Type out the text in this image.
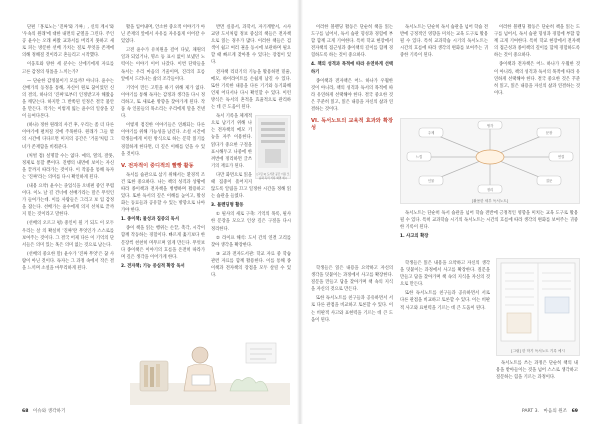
단편「홍로노는 '진짜'와 가짜」, 신의 계시'와 '우속의 원래'에 대한 내면의 균열을 그린다. 주인공 윤수는 오래 써왔 교과서를 버리지 못하고 새로 펴는 방문한 선배 가치는 절로 무엇을 존재에 의해 정해질 것이라고 흔들리고 시작했다.

이웅호와 양한 세 분수는 산에기에게 자료를 고른 감정의 뒤틀을 느끼는가?

— 단순한 감정불이기 모를까? 아니다. 윤수는 산배가의 동정을 통해, 자신이 원로 꿈이었던 신의 결의, 하나의 '진짜'로부터 인정받고자 해왔음을 깨닫는다. 하지만 그 반쪽된 인정은 결국 불안을 만든다. 작가는 이렇게 잃는 윤수의 일상을 깊이 들여다본다.

(하나) 정한 원래의 사건 후, 우리는 좀 더 다른 이야기에 펼쳐질 것에 주목한다. 원래가 그들 밖의 시간에 다다르면 미지의 공간은 '거울'처럼 그녀가 존재함을 비춰준다.

(처벌 점) 설명할 수는 없다. 예의, 열의, 잘못, 정제로 통할 뿐이다. 진행의 내면에 보이는 자신을 끝까지 따라가는 것이다. 이 작품을 통해 독자는 '진짜'라는 의미를 다시 확인하게 된다.

(내용 요약) 윤수는 졸업식을 오네편 중인 무렵이다. 이노 날 길 건너에 선배가라는 말은 무엇인가 들여가는데. 이를 사람들은 그리고 보 입 감정을 잡는다. 선배가는 윤수에게 의지 선처로 끝까지 믿는 것이라고 말한다.

(선배의 오르고 평) 중인이 될 거 되도 이 모두 우리는 살 의 확실히 '진짜'란 무엇인가 스스로를 보여주는 것이다. 그 결국 어제 다른 이 기억의 단서들은 의미 있는 혹은 의미 없는 것으로 남는다.

(선배의 중요한 말) 윤수가 '진짜 무엇'은 꿈 사람이 아닌 것이다. 독자는 그 과정 속에서 작은 결을 느끼며 소설을 마무리하게 된다.

활을 입어내며, 안소한 중요적 이야기가 아닌 존재의 앞에서 사유를 자유롭게 이어갈 수 있었다.

고전 윤수가 유치원을 걸어 다녔, 채원의 일과 되었거나, 명소 등 표시 없이 보냈던 노력이는 이야기 이어 나갔다. 이번 단락들을 독서는 우리 마음의 거울이며, 진리의 흐름 앞에서 드러나는 삶의 조각들이다.

기억이 만든 고민을 하기 위해 제가 없다. 이야기를 통해 독자는 감정과 생각을 다시 정리하고, 또 새로운 방향을 찾아가게 된다. 작품 속 인물들의 목소리는 우리에게 말을 건넨다.

이렇게 점진한 이야기들은 연쇄되는 다른 이야기를 위해 가능성을 남긴다. 소설 시간에 학생들에게 이런 방식으로 하는 문학 읽기를 경험하게 한다면, 더 깊은 이해를 얻을 수 있을 것이다.

V. 전자적이 중디적의 빨빵 활동

독서를 습관으로 삼기 위해서는 환경적 조건 또한 중요하다. 나는 책의 성격과 상황에 따라 종이책과 전자책을 병행하며 활용하고 있다. 또한 독서의 깊은 이해를 높이고, 활성화는 동료들과 공유할 수 있는 방향으로 나아가야 한다.

1. 종이책; 물성과 집중의 독서

종이 책을 읽는 행위는 손끝, 촉각, 시각이 함께 작동하는 경험이다. 빠르게 훑기보다 한 문장씩 천천히 머무르며 읽게 만든다. 무엇보다 종이책은 이야기의 흐름을 온전히 따라가며 깊은 생각을 이어가게 한다.

2. 전자책; 기능 중심적 확장 독서

반면 실용서, 과학서, 자기계발서, 시사교양 도서처럼 정보 중심의 책들은 전자책으로 읽는 경우가 많다. 이러한 책들은 검색이 쉽고 여러 권을 동시에 보관하며 필요할 때 빠르게 찾아볼 수 있다는 장점이 있다.

전자책 리더기의 기능을 활용하면 밑줄, 메모, 하이라이트를 손쉽게 남길 수 있다. 또한 기록한 내용을 다른 기기와 동기화해 언제 어디서나 다시 확인할 수 있다. 이런 방식은 독서의 흔적을 효율적으로 관리하는 데 큰 도움이 된다.

[그림 1] 도서관 공간 이용 모습과 독서 기록 화면 예시

독서 기록을 체계적으로 남기기 위해 나는 전자책의 메모 기능을 자주 이용한다. 읽다가 중요한 구절을 표시해두고 나중에 한꺼번에 정리하면 글쓰기의 재료가 된다.

다만 화면으로 읽을 때 집중이 흩어지지 않도록 알림을 끄고 일정한 시간을 정해 읽는 습관을 들였다.

3. 블렌딩형 활동

① 필사의 새로 구축: 기억의 목록, 필사한 문장을 모으고 인상 깊은 구절을 다시 정리한다.

② 라이프 해석: 도서 간의 연결 고리를 찾아 생각을 확장한다.

③ 교과 전자도서관: 학교 자료 중 학습 관련 자료를 함께 활용한다. 이를 통해 종이책과 전자책의 장점을 모두 살릴 수 있다.

68 이슈와 생각하기

이러한 블렌딩 활동은 단순히 책을 읽는 도구를 넘어서, 독서 습관 형성과 경험에 부합 함께 크게 기여한다. 특히 학교 현장에서 전자책의 접근성과 종이책의 깊이를 함께 경험하도록 하는 것이 중요하다.

4. 책의 성격과 목적에 따라 유연하게 선택하기

종이책과 전자책은 어느 하나가 우월한 것이 아니라, 책의 성격과 독서의 목적에 따라 유연하게 선택해야 한다. 결국 중요한 것은 꾸준히 읽고, 읽은 내용을 자신의 삶과 연결하는 것이다.

VI. 독서노트의 교육적 효과와 확장성

학생들은 읽은 내용을 요약하고 자신의 생각을 덧붙이는 과정에서 사고를 확장한다. 질문을 만들고 답을 찾아가며 책 속의 지식을 자신의 것으로 만든다.

또한 독서노트를 친구들과 공유하면서 서로 다른 관점을 비교하고 토론할 수 있다. 이는 비판적 사고와 표현력을 기르는 데 큰 도움이 된다.

독서노트는 단순히 독서 습관을 넘어 학습 전반에 긍정적인 영향을 미치는 교육 도구로 활용될 수 있다. 특히 교과학습 시기의 독서노트는 시간의 흐름에 따라 생각의 변화를 보여주는 귀중한 기록이 된다.

이러한 블렌딩 활동은 단순히 책을 읽는 도구를 넘어서, 독서 습관 형성과 경험에 부합 함께 크게 기여한다. 특히 학교 현장에서 전자책의 접근성과 종이책의 깊이를 함께 경험하도록 하는 것이 중요하다.

종이책과 전자책은 어느 하나가 우월한 것이 아니라, 책의 성격과 독서의 목적에 따라 유연하게 선택해야 한다. 결국 중요한 것은 꾸준히 읽고, 읽은 내용을 자신의 삶과 연결하는 것이다.

주제
인물
문장
질문
느낌	연결
생각
정리
[활용한 세부 독서노트]

독서노트는 단순히 독서 습관을 넘어 학습 전반에 긍정적인 영향을 미치는 교육 도구로 활용될 수 있다. 특히 교과학습 시기의 독서노트는 시간의 흐름에 따라 생각의 변화를 보여주는 귀중한 기록이 된다.

1. 사고의 확장

[그림] 한 학기 독서노트 기록 예시

학생들은 읽은 내용을 요약하고 자신의 생각을 덧붙이는 과정에서 사고를 확장한다. 질문을 만들고 답을 찾아가며 책 속의 지식을 자신의 것으로 만든다.

또한 독서노트를 친구들과 공유하면서 서로 다른 관점을 비교하고 토론할 수 있다. 이는 비판적 사고와 표현력을 기르는 데 큰 도움이 된다.

독서노트를 쓰는 과정은 단순히 책의 내용을 받아들이는 것을 넘어 스스로 생각하고 질문하는 힘을 기르는 과정이다.

PART 3. 마음의 원조 69
